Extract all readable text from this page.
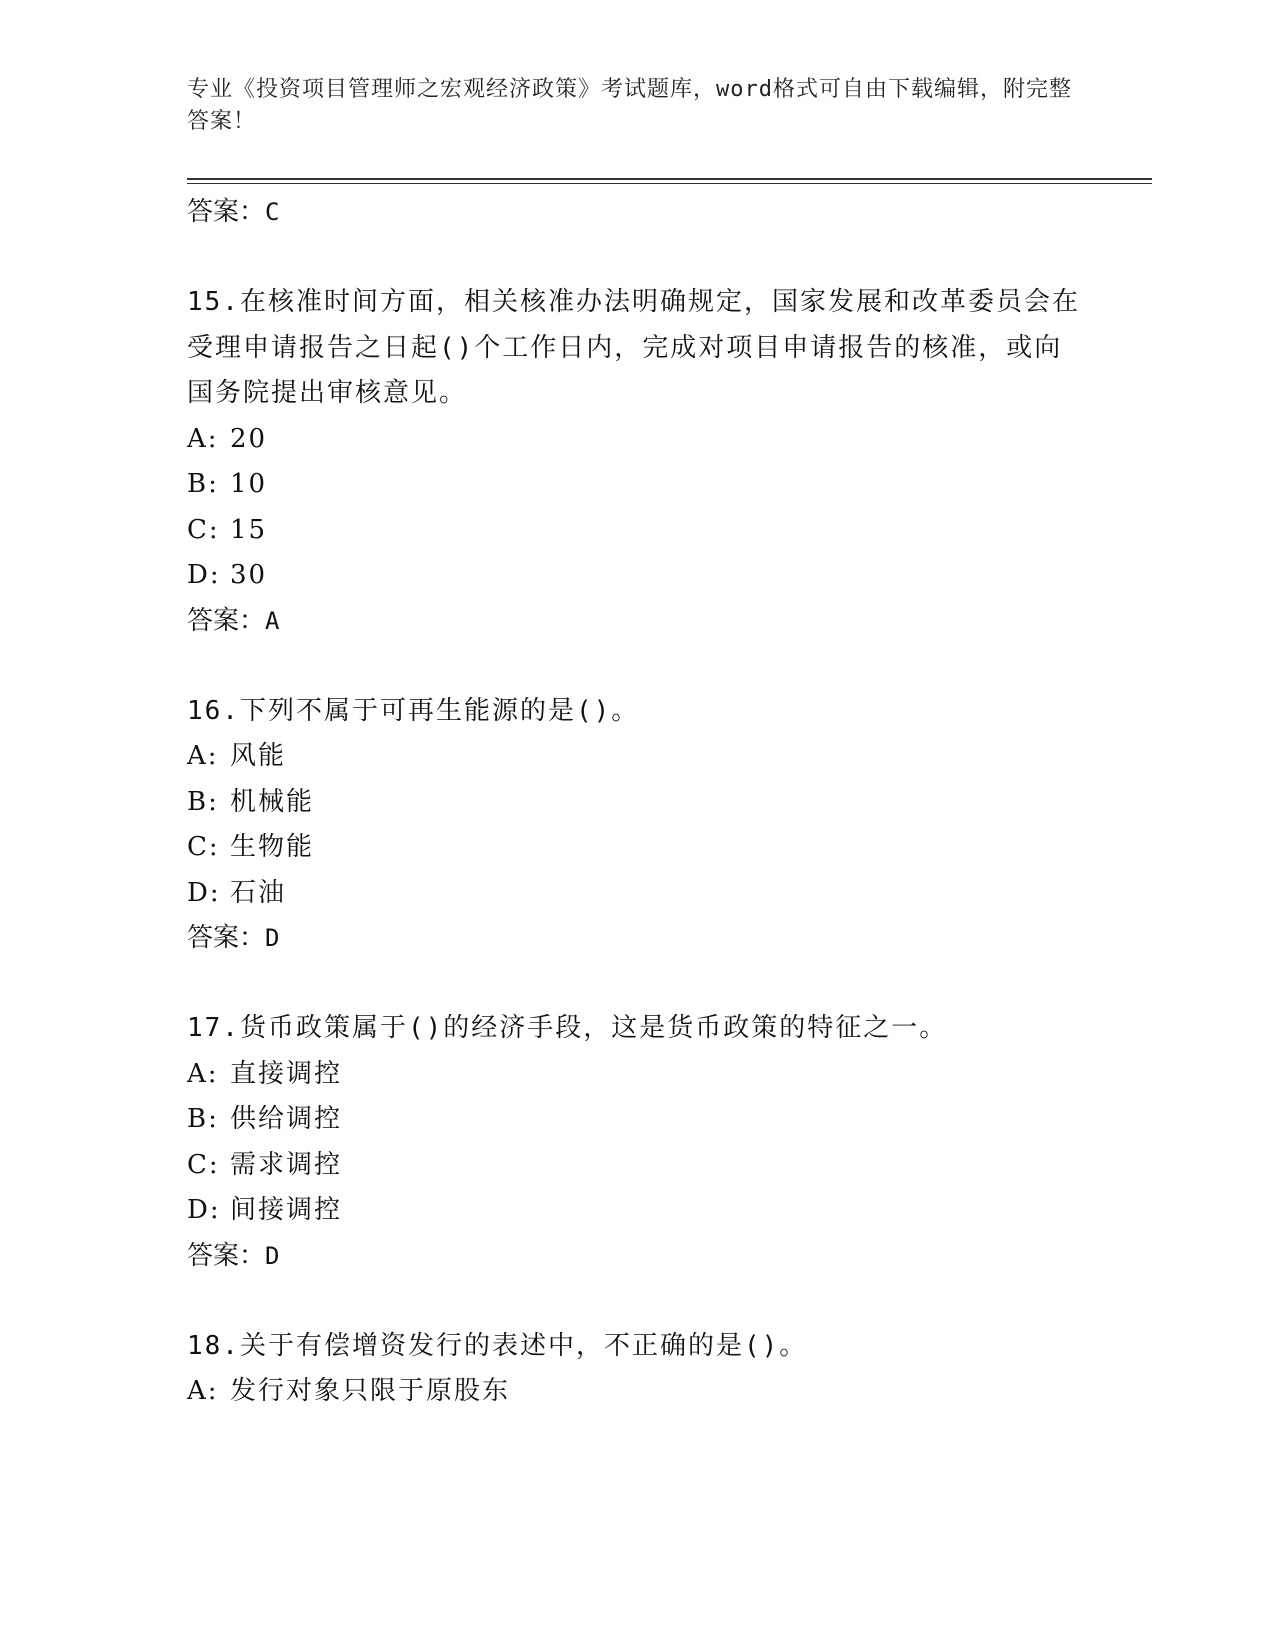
专业《投资项目管理师之宏观经济政策》考试题库，word格式可自由下载编辑，附完整答案！

答案：C

15.在核准时间方面，相关核准办法明确规定，国家发展和改革委员会在受理申请报告之日起()个工作日内，完成对项目申请报告的核准，或向国务院提出审核意见。

A: 20

B: 10

C: 15

D: 30

答案：A

16.下列不属于可再生能源的是()。

A: 风能

B: 机械能

C: 生物能

D: 石油

答案：D

17.货币政策属于()的经济手段，这是货币政策的特征之一。

A: 直接调控

B: 供给调控

C: 需求调控

D: 间接调控

答案：D

18.关于有偿增资发行的表述中，不正确的是()。

A: 发行对象只限于原股东
